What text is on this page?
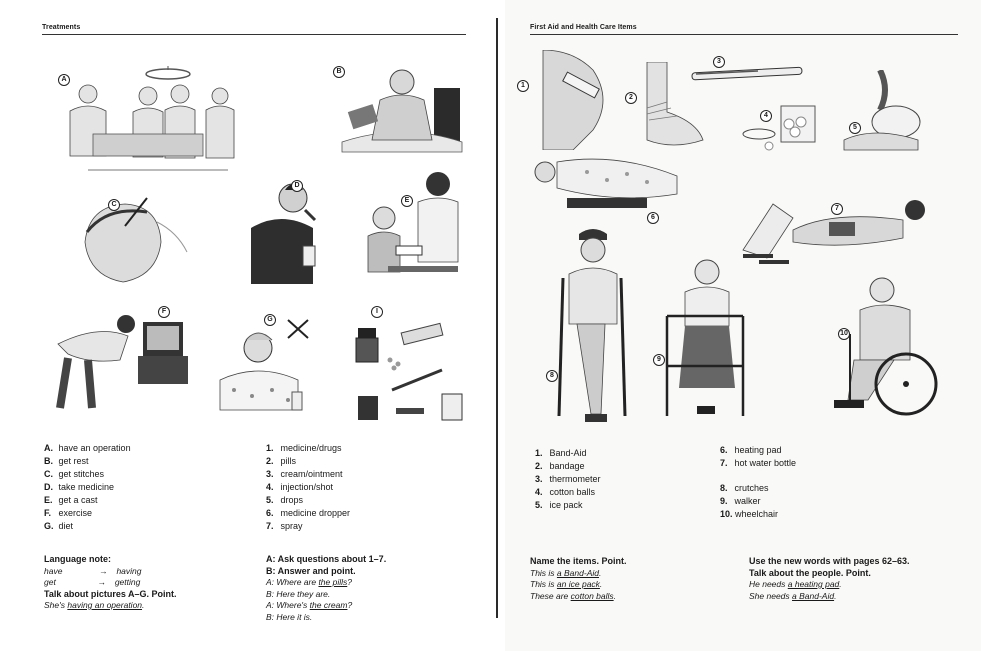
Treatments
A
B
C
D
E
F
G
I
A. have an operation
B. get rest
C. get stitches
D. take medicine
E. get a cast
F. exercise
G. diet
1. medicine/drugs
2. pills
3. cream/ointment
4. injection/shot
5. drops
6. medicine dropper
7. spray
Language note:
have	→ having
get	→ getting
Talk about pictures A–G. Point.
She's having an operation.
A: Ask questions about 1–7.
B: Answer and point.
A: Where are the pills?
B: Here they are.
A: Where's the cream?
B: Here it is.
First Aid and Health Care Items
1
2
3
4
5
6
7
8
9
10
1. Band-Aid
2. bandage
3. thermometer
4. cotton balls
5. ice pack
6. heating pad
7. hot water bottle
8. crutches
9. walker
10. wheelchair
Name the items. Point.
This is a Band-Aid.
This is an ice pack.
These are cotton balls.
Use the new words with pages 62–63.
Talk about the people. Point.
He needs a heating pad.
She needs a Band-Aid.
